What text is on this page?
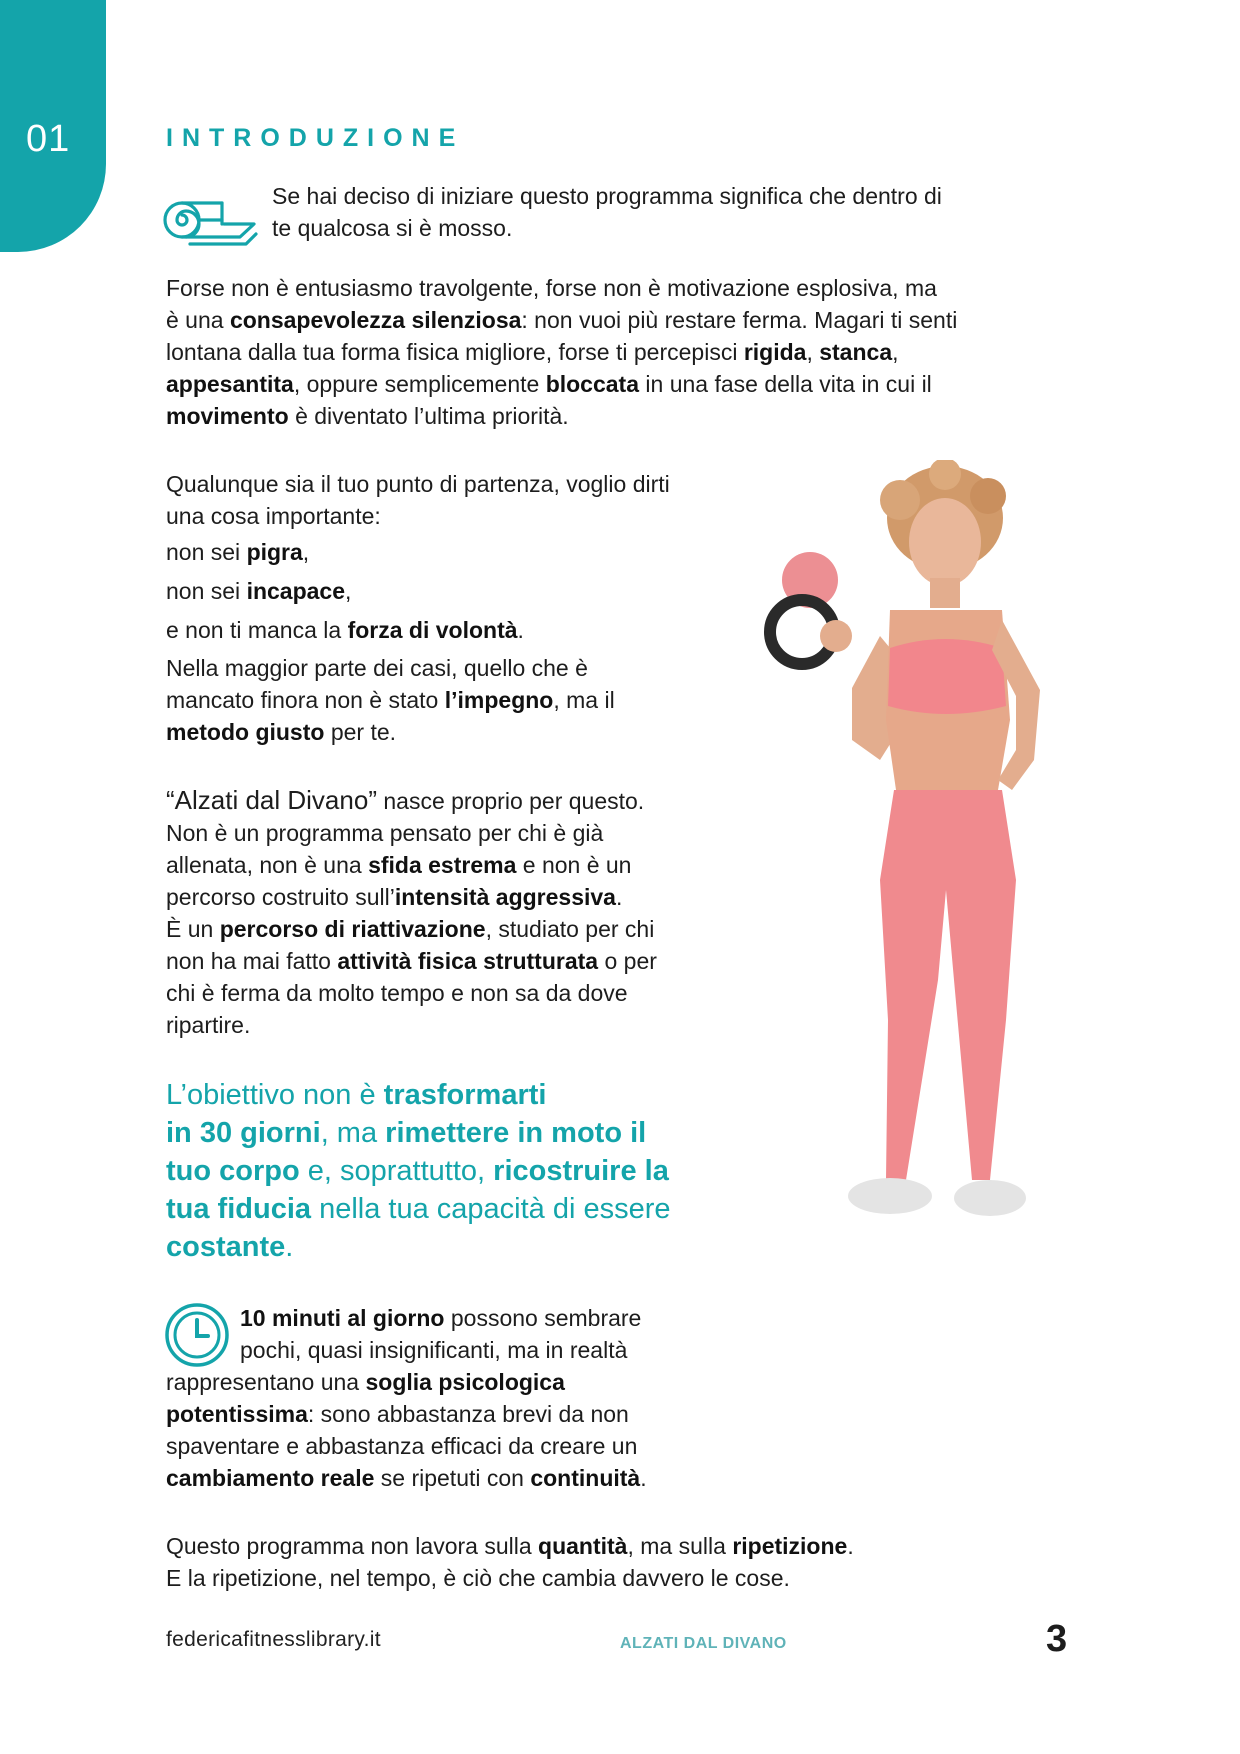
01	INTRODUZIONE

Se hai deciso di iniziare questo programma significa che dentro di
te qualcosa si è mosso.

Forse non è entusiasmo travolgente, forse non è motivazione esplosiva, ma
è una consapevolezza silenziosa: non vuoi più restare ferma. Magari ti senti
lontana dalla tua forma fisica migliore, forse ti percepisci rigida, stanca,
appesantita, oppure semplicemente bloccata in una fase della vita in cui il
movimento è diventato l’ultima priorità.

Qualunque sia il tuo punto di partenza, voglio dirti
una cosa importante:

non sei pigra,

non sei incapace,

e non ti manca la forza di volontà.

Nella maggior parte dei casi, quello che è
mancato finora non è stato l’impegno, ma il
metodo giusto per te.

“Alzati dal Divano” nasce proprio per questo.
Non è un programma pensato per chi è già
allenata, non è una sfida estrema e non è un
percorso costruito sull’intensità aggressiva.
È un percorso di riattivazione, studiato per chi
non ha mai fatto attività fisica strutturata o per
chi è ferma da molto tempo e non sa da dove
ripartire.

L’obiettivo non è trasformarti
in 30 giorni, ma rimettere in moto il
tuo corpo e, soprattutto, ricostruire la
tua fiducia nella tua capacità di essere
costante.

10 minuti al giorno possono sembrare
pochi, quasi insignificanti, ma in realtà

rappresentano una soglia psicologica
potentissima: sono abbastanza brevi da non
spaventare e abbastanza efficaci da creare un
cambiamento reale se ripetuti con continuità.

Questo programma non lavora sulla quantità, ma sulla ripetizione.
E la ripetizione, nel tempo, è ciò che cambia davvero le cose.

federicafitnesslibrary.it	ALZATI DAL DIVANO	3
